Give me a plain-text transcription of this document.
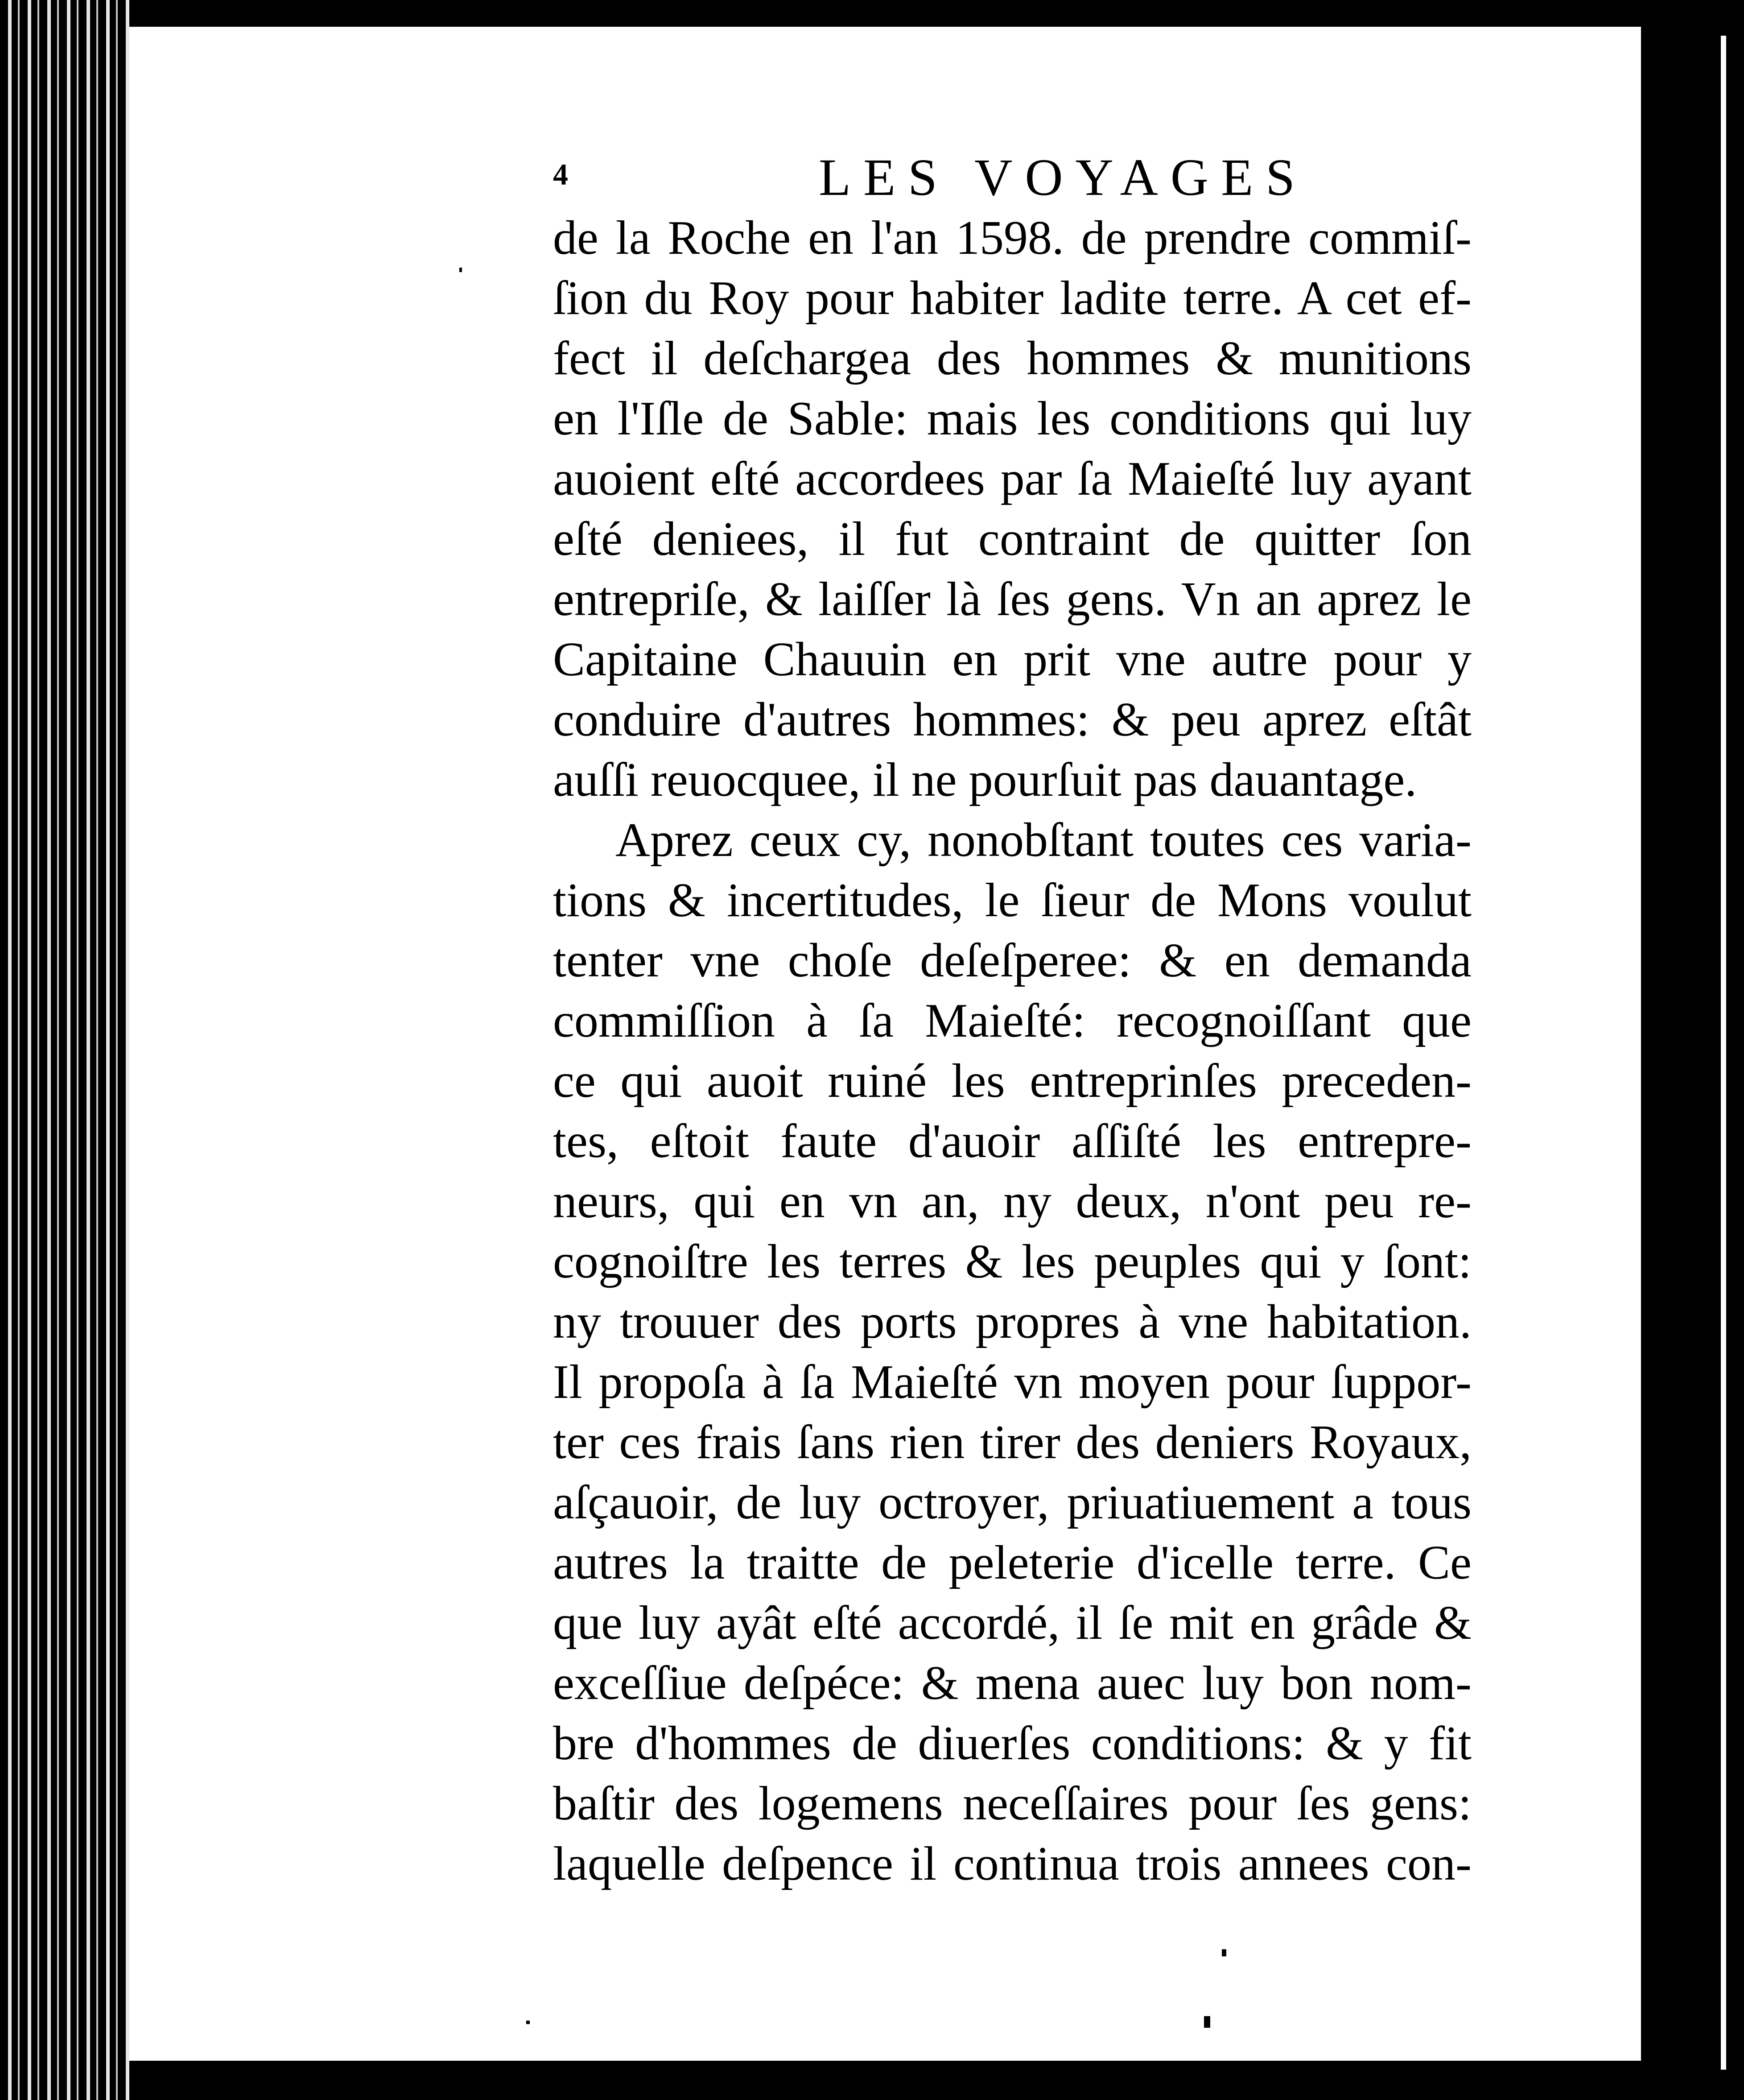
4	LES VOYAGES
de la Roche en l'an 1598. de prendre commiſ-
ſion du Roy pour habiter ladite terre. A cet ef-
fect il deſchargea des hommes & munitions
en l'Iſle de Sable: mais les conditions qui luy
auoient eſté accordees par ſa Maieſté luy ayant
eſté deniees, il fut contraint de quitter ſon
entrepriſe, & laiſſer là ſes gens. Vn an aprez le
Capitaine Chauuin en prit vne autre pour y
conduire d'autres hommes: & peu aprez eſtât
auſſi reuocquee, il ne pourſuit pas dauantage.
Aprez ceux cy, nonobſtant toutes ces varia-
tions & incertitudes, le ſieur de Mons voulut
tenter vne choſe deſeſperee: & en demanda
commiſſion à ſa Maieſté: recognoiſſant que
ce qui auoit ruiné les entreprinſes preceden-
tes, eſtoit faute d'auoir aſſiſté les entrepre-
neurs, qui en vn an, ny deux, n'ont peu re-
cognoiſtre les terres & les peuples qui y ſont:
ny trouuer des ports propres à vne habitation.
Il propoſa à ſa Maieſté vn moyen pour ſuppor-
ter ces frais ſans rien tirer des deniers Royaux,
aſçauoir, de luy octroyer, priuatiuement a tous
autres la traitte de peleterie d'icelle terre. Ce
que luy ayât eſté accordé, il ſe mit en grâde &
exceſſiue deſpéce: & mena auec luy bon nom-
bre d'hommes de diuerſes conditions: & y fit
baſtir des logemens neceſſaires pour ſes gens:
laquelle deſpence il continua trois annees con-
